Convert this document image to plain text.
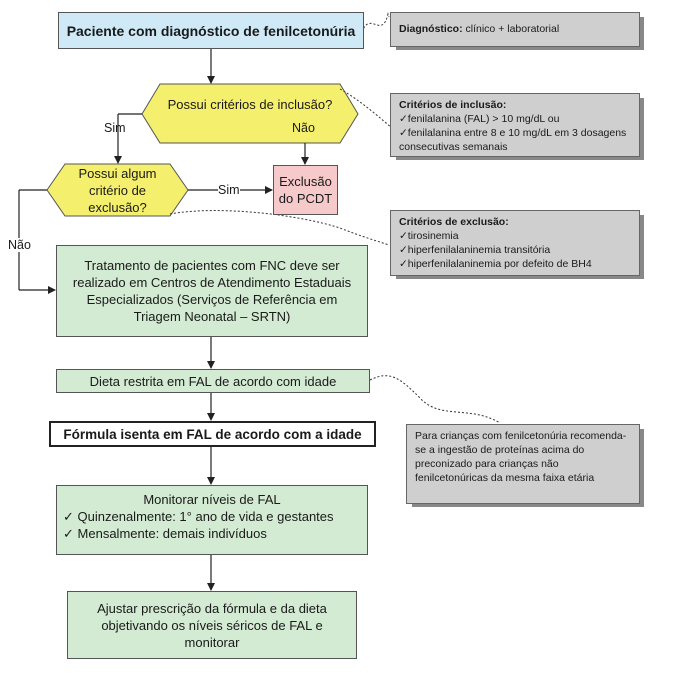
Paciente com diagnóstico de fenilcetonúria
Possui critérios de inclusão?
Possui algum critério de exclusão?
Exclusão do PCDT
Sim	Não
Sim
Não
Tratamento de pacientes com FNC deve ser realizado em Centros de Atendimento Estaduais Especializados (Serviços de Referência em Triagem Neonatal – SRTN)
Dieta restrita em FAL de acordo com idade
Fórmula isenta em FAL de acordo com a idade
Monitorar níveis de FAL
✓ Quinzenalmente: 1° ano de vida e gestantes
✓ Mensalmente: demais indivíduos
Ajustar prescrição da fórmula e da dieta objetivando os níveis séricos de FAL e monitorar
Diagnóstico: clínico + laboratorial
Critérios de inclusão:
✓fenilalanina (FAL) > 10 mg/dL ou
✓fenilalanina entre 8 e 10 mg/dL em 3 dosagens consecutivas semanais
Critérios de exclusão:
✓tirosinemia
✓hiperfenilalaninemia transitória
✓hiperfenilalaninemia por defeito de BH4
Para crianças com fenilcetonúria recomenda-se a ingestão de proteínas acima do preconizado para crianças não fenilcetonúricas da mesma faixa etária
